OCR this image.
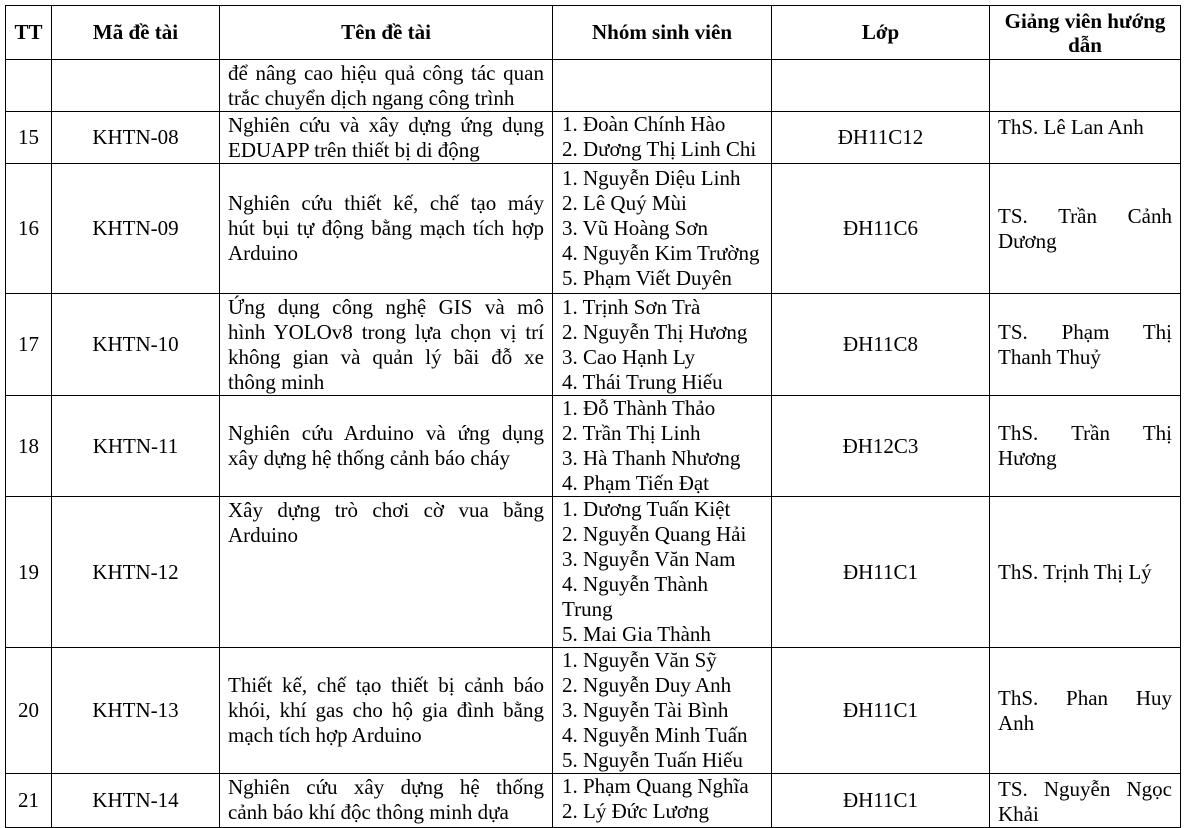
TT	Mã đề tài	Tên đề tài	Nhóm sinh viên	Lớp	Giảng viên hướng dẫn

		để nâng cao hiệu quả công tác quan
trắc chuyển dịch ngang công trình			

15	KHTN-08	Nghiên cứu và xây dựng ứng dụng
EDUAPP trên thiết bị di động	1. Đoàn Chính Hào
2. Dương Thị Linh Chi	ĐH11C12	ThS. Lê Lan Anh

16	KHTN-09	Nghiên cứu thiết kế, chế tạo máy
hút bụi tự động bằng mạch tích hợp
Arduino	1. Nguyễn Diệu Linh
2. Lê Quý Mùi
3. Vũ Hoàng Sơn
4. Nguyễn Kim Trường
5. Phạm Viết Duyên	ĐH11C6	TS. Trần Cảnh
Dương

17	KHTN-10	Ứng dụng công nghệ GIS và mô
hình YOLOv8 trong lựa chọn vị trí
không gian và quản lý bãi đỗ xe
thông minh	1. Trịnh Sơn Trà
2. Nguyễn Thị Hương
3. Cao Hạnh Ly
4. Thái Trung Hiếu	ĐH11C8	TS. Phạm Thị
Thanh Thuỷ

18	KHTN-11	Nghiên cứu Arduino và ứng dụng
xây dựng hệ thống cảnh báo cháy	1. Đỗ Thành Thảo
2. Trần Thị Linh
3. Hà Thanh Nhương
4. Phạm Tiến Đạt	ĐH12C3	ThS. Trần Thị
Hương

19	KHTN-12	Xây dựng trò chơi cờ vua bằng
Arduino	1. Dương Tuấn Kiệt
2. Nguyễn Quang Hải
3. Nguyễn Văn Nam
4. Nguyễn Thành Trung
5. Mai Gia Thành	ĐH11C1	ThS. Trịnh Thị Lý

20	KHTN-13	Thiết kế, chế tạo thiết bị cảnh báo
khói, khí gas cho hộ gia đình bằng
mạch tích hợp Arduino	1. Nguyễn Văn Sỹ
2. Nguyễn Duy Anh
3. Nguyễn Tài Bình
4. Nguyễn Minh Tuấn
5. Nguyễn Tuấn Hiếu	ĐH11C1	ThS. Phan Huy
Anh

21	KHTN-14	Nghiên cứu xây dựng hệ thống
cảnh báo khí độc thông minh dựa	1. Phạm Quang Nghĩa
2. Lý Đức Lương	ĐH11C1	TS. Nguyễn Ngọc
Khải
